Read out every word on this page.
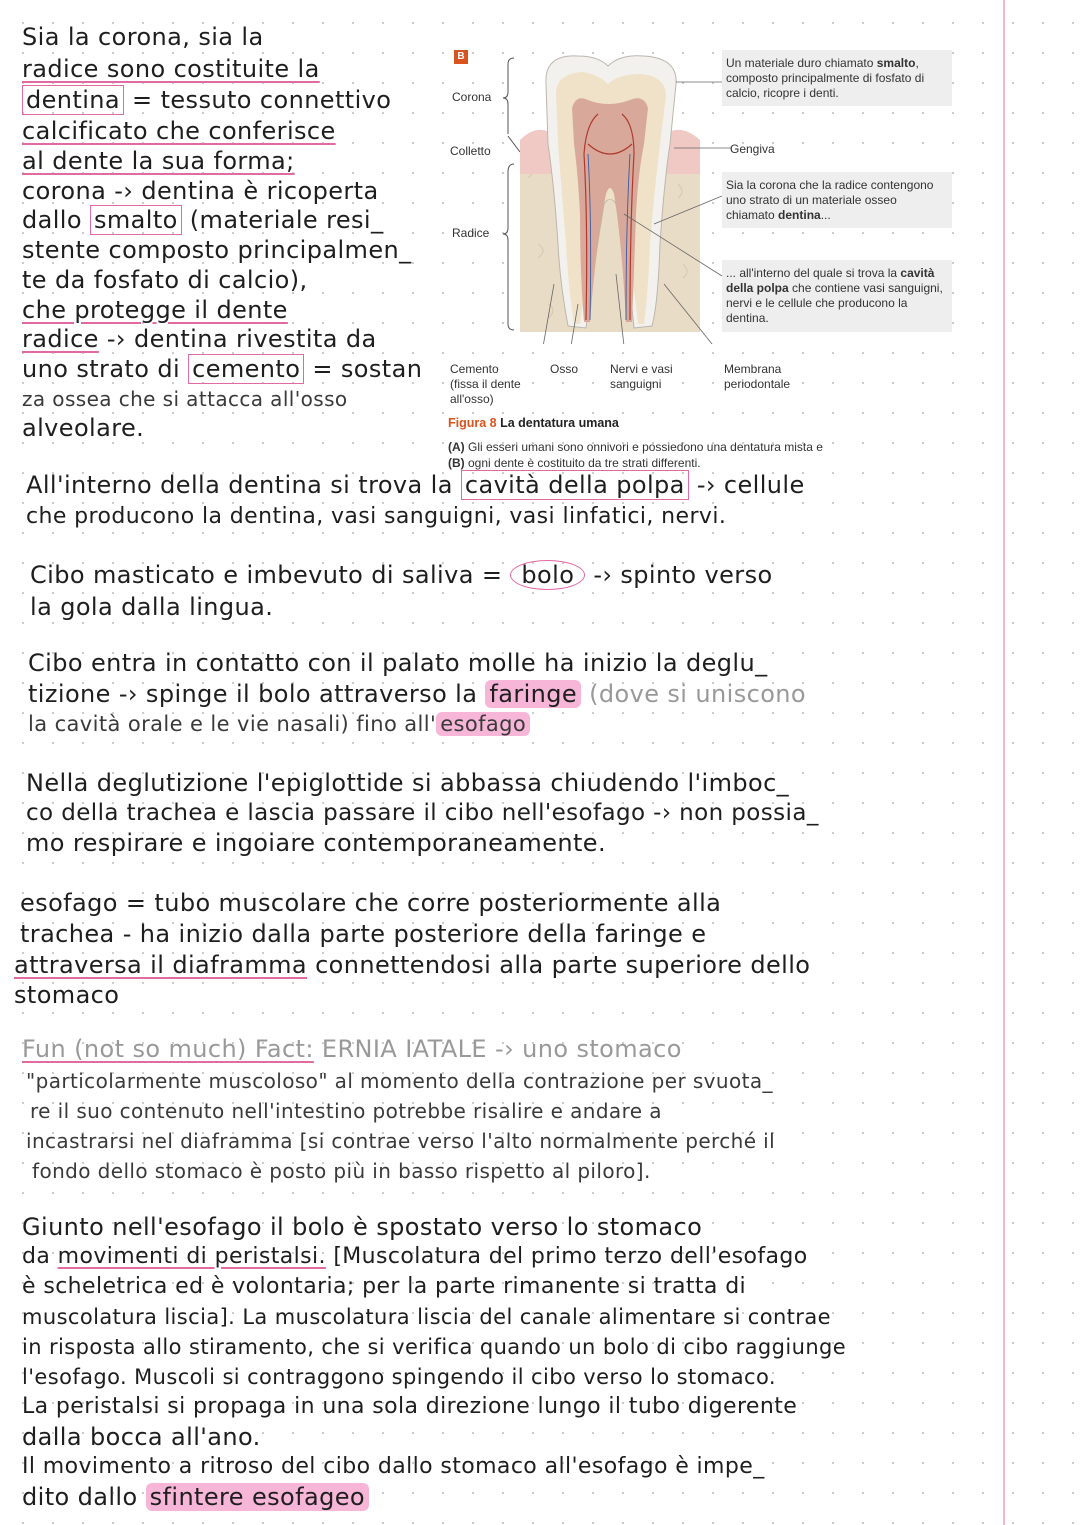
Sia la corona, sia la
radice sono costituite la
dentina = tessuto connettivo
calcificato che conferisce
al dente la sua forma;
corona -› dentina è ricoperta
dallo smalto (materiale resi_
stente composto principalmen_
te da fosfato di calcio),
che protegge il dente
radice -› dentina rivestita da
uno strato di cemento = sostan
za ossea che si attacca all'osso
alveolare.
B
Corona
Colletto
Radice
Cemento
(fissa il dente
all'osso)
Osso	Nervi e vasi
sanguigni
Membrana
periodontale
Gengiva
Un materiale duro chiamato smalto,
composto principalmente di fosfato di
calcio, ricopre i denti.
Sia la corona che la radice contengono
uno strato di un materiale osseo
chiamato dentina...
... all'interno del quale si trova la cavità
della polpa che contiene vasi sanguigni,
nervi e le cellule che producono la
dentina.
Figura 8 La dentatura umana
(A) Gli esseri umani sono onnivori e possiedono una dentatura mista e
(B) ogni dente è costituito da tre strati differenti.
All'interno della dentina si trova la cavità della polpa -› cellule
che producono la dentina, vasi sanguigni, vasi linfatici, nervi.
Cibo masticato e imbevuto di saliva = bolo -› spinto verso
la gola dalla lingua.
Cibo entra in contatto con il palato molle ha inizio la deglu_
tizione -› spinge il bolo attraverso la faringe (dove si uniscono
la cavità orale e le vie nasali) fino all' esofago
Nella deglutizione l'epiglottide si abbassa chiudendo l'imboc_
co della trachea e lascia passare il cibo nell'esofago -› non possia_
mo respirare e ingoiare contemporaneamente.
esofago = tubo muscolare che corre posteriormente alla
trachea - ha inizio dalla parte posteriore della faringe e
attraversa il diaframma connettendosi alla parte superiore dello
stomaco
Fun (not so much) Fact: ERNIA IATALE -› uno stomaco
"particolarmente muscoloso" al momento della contrazione per svuota_
re il suo contenuto nell'intestino potrebbe risalire e andare a
incastrarsi nel diaframma [si contrae verso l'alto normalmente perché il
fondo dello stomaco è posto più in basso rispetto al piloro].
Giunto nell'esofago il bolo è spostato verso lo stomaco
da movimenti di peristalsi. [Muscolatura del primo terzo dell'esofago
è scheletrica ed è volontaria; per la parte rimanente si tratta di
muscolatura liscia]. La muscolatura liscia del canale alimentare si contrae
in risposta allo stiramento, che si verifica quando un bolo di cibo raggiunge
l'esofago. Muscoli si contraggono spingendo il cibo verso lo stomaco.
La peristalsi si propaga in una sola direzione lungo il tubo digerente
dalla bocca all'ano.
Il movimento a ritroso del cibo dallo stomaco all'esofago è impe_
dito dallo sfintere esofageo
